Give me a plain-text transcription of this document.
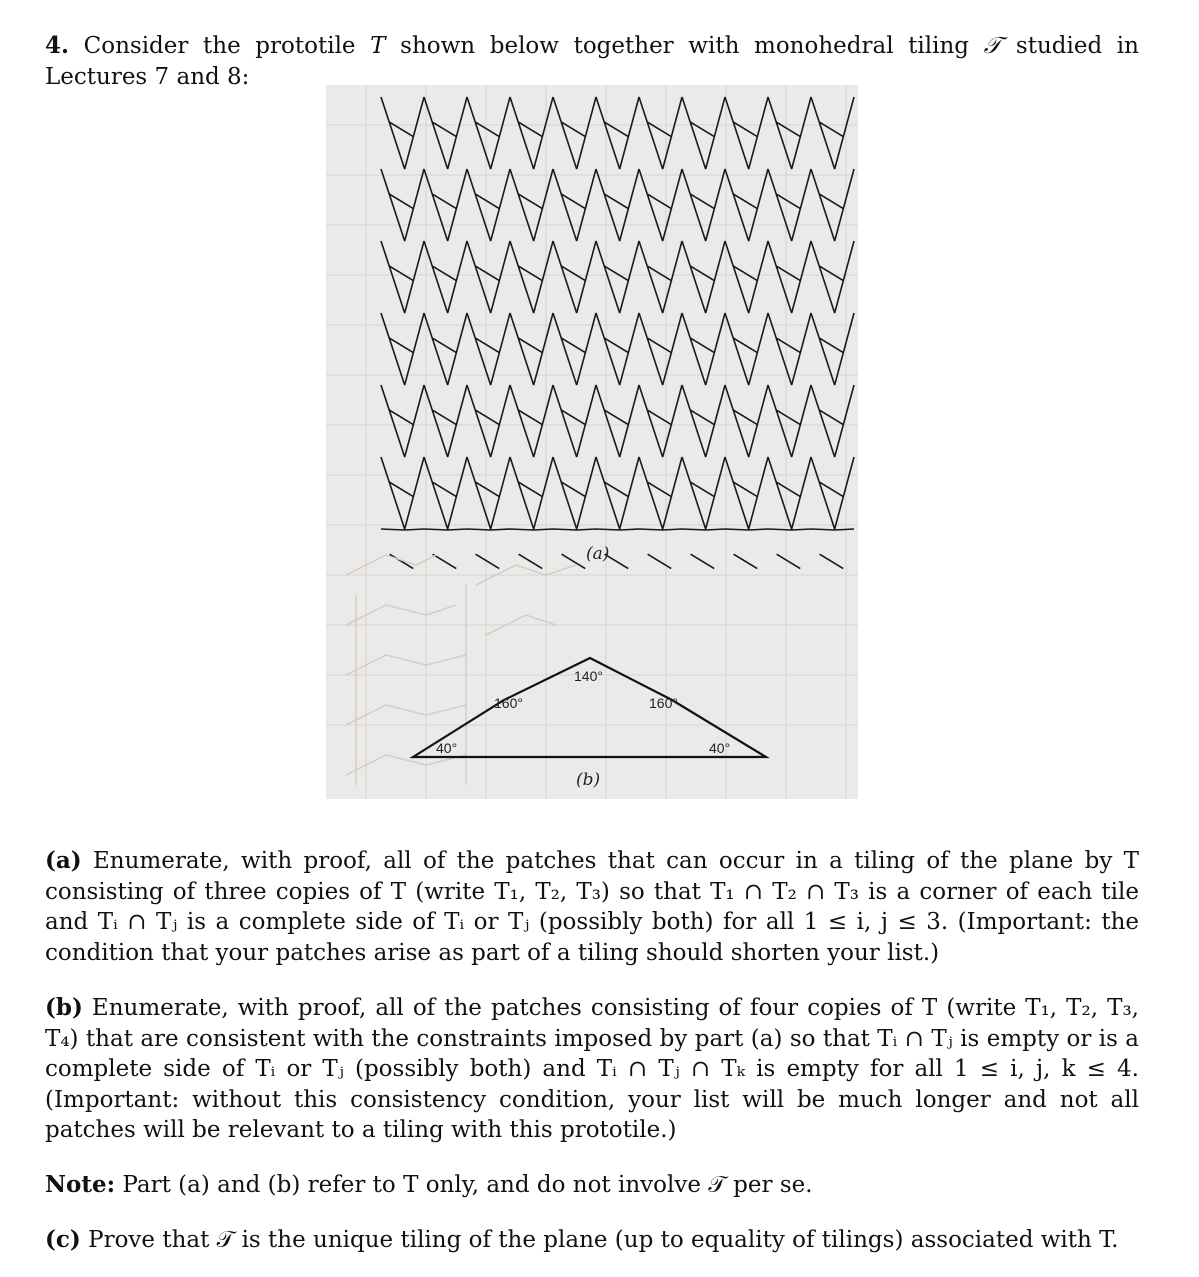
4. Consider the prototile T shown below together with monohedral tiling 𝒯 studied in Lectures 7 and 8:

(a)
(b)
140°
160°	160°
40°	40°

(a) Enumerate, with proof, all of the patches that can occur in a tiling of the plane by T consisting of three copies of T (write T₁, T₂, T₃) so that T₁ ∩ T₂ ∩ T₃ is a corner of each tile and Tᵢ ∩ Tⱼ is a complete side of Tᵢ or Tⱼ (possibly both) for all 1 ≤ i, j ≤ 3. (Important: the condition that your patches arise as part of a tiling should shorten your list.)

(b) Enumerate, with proof, all of the patches consisting of four copies of T (write T₁, T₂, T₃, T₄) that are consistent with the constraints imposed by part (a) so that Tᵢ ∩ Tⱼ is empty or is a complete side of Tᵢ or Tⱼ (possibly both) and Tᵢ ∩ Tⱼ ∩ Tₖ is empty for all 1 ≤ i, j, k ≤ 4. (Important: without this consistency condition, your list will be much longer and not all patches will be relevant to a tiling with this prototile.)

Note: Part (a) and (b) refer to T only, and do not involve 𝒯 per se.

(c) Prove that 𝒯 is the unique tiling of the plane (up to equality of tilings) associated with T.
